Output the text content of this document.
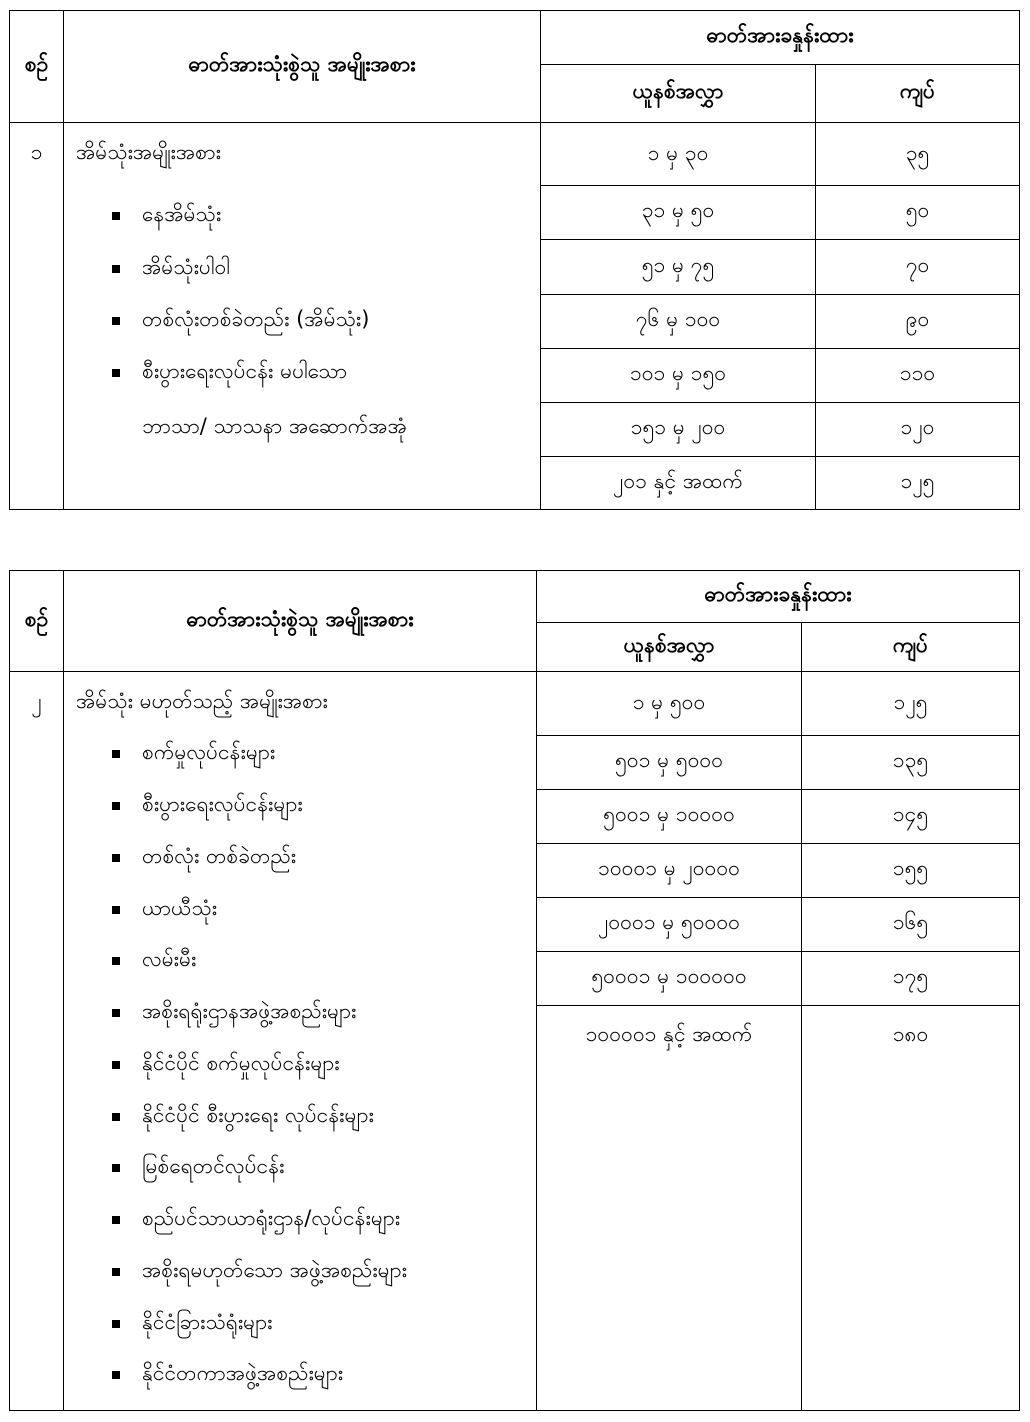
စဉ်	ဓာတ်အားသုံးစွဲသူ အမျိုးအစား
ဓာတ်အားခနှုန်းထား
ယူနစ်အလွှာ	ကျပ်
၁	အိမ်သုံးအမျိုးအစား
နေအိမ်သုံး
အိမ်သုံးပါဝါ
တစ်လုံးတစ်ခဲတည်း (အိမ်သုံး)
စီးပွားရေးလုပ်ငန်း မပါသော
ဘာသာ/ သာသနာ အဆောက်အအုံ
၁ မှ ၃၀	၃၅
၃၁ မှ ၅၀	၅၀
၅၁ မှ ၇၅	၇၀
၇၆ မှ ၁၀၀	၉၀
၁၀၁ မှ ၁၅၀	၁၁၀
၁၅၁ မှ ၂၀၀	၁၂၀
၂၀၁ နှင့် အထက်	၁၂၅
စဉ်	ဓာတ်အားသုံးစွဲသူ အမျိုးအစား
ဓာတ်အားခနှုန်းထား
ယူနစ်အလွှာ	ကျပ်
၂	အိမ်သုံး မဟုတ်သည့် အမျိုးအစား
စက်မှုလုပ်ငန်းများ
စီးပွားရေးလုပ်ငန်းများ
တစ်လုံး တစ်ခဲတည်း
ယာယီသုံး
လမ်းမီး
အစိုးရရုံးဌာနအဖွဲ့အစည်းများ
နိုင်ငံပိုင် စက်မှုလုပ်ငန်းများ
နိုင်ငံပိုင် စီးပွားရေး လုပ်ငန်းများ
မြစ်ရေတင်လုပ်ငန်း
စည်ပင်သာယာရုံးဌာန/လုပ်ငန်းများ
အစိုးရမဟုတ်သော အဖွဲ့အစည်းများ
နိုင်ငံခြားသံရုံးများ
နိုင်ငံတကာအဖွဲ့အစည်းများ
၁ မှ ၅၀၀	၁၂၅
၅၀၁ မှ ၅၀၀၀	၁၃၅
၅၀၀၁ မှ ၁၀၀၀၀	၁၄၅
၁၀၀၀၁ မှ ၂၀၀၀၀	၁၅၅
၂၀၀၀၁ မှ ၅၀၀၀၀	၁၆၅
၅၀၀၀၁ မှ ၁၀၀၀၀၀	၁၇၅
၁၀၀၀၀၁ နှင့် အထက်	၁၈၀
